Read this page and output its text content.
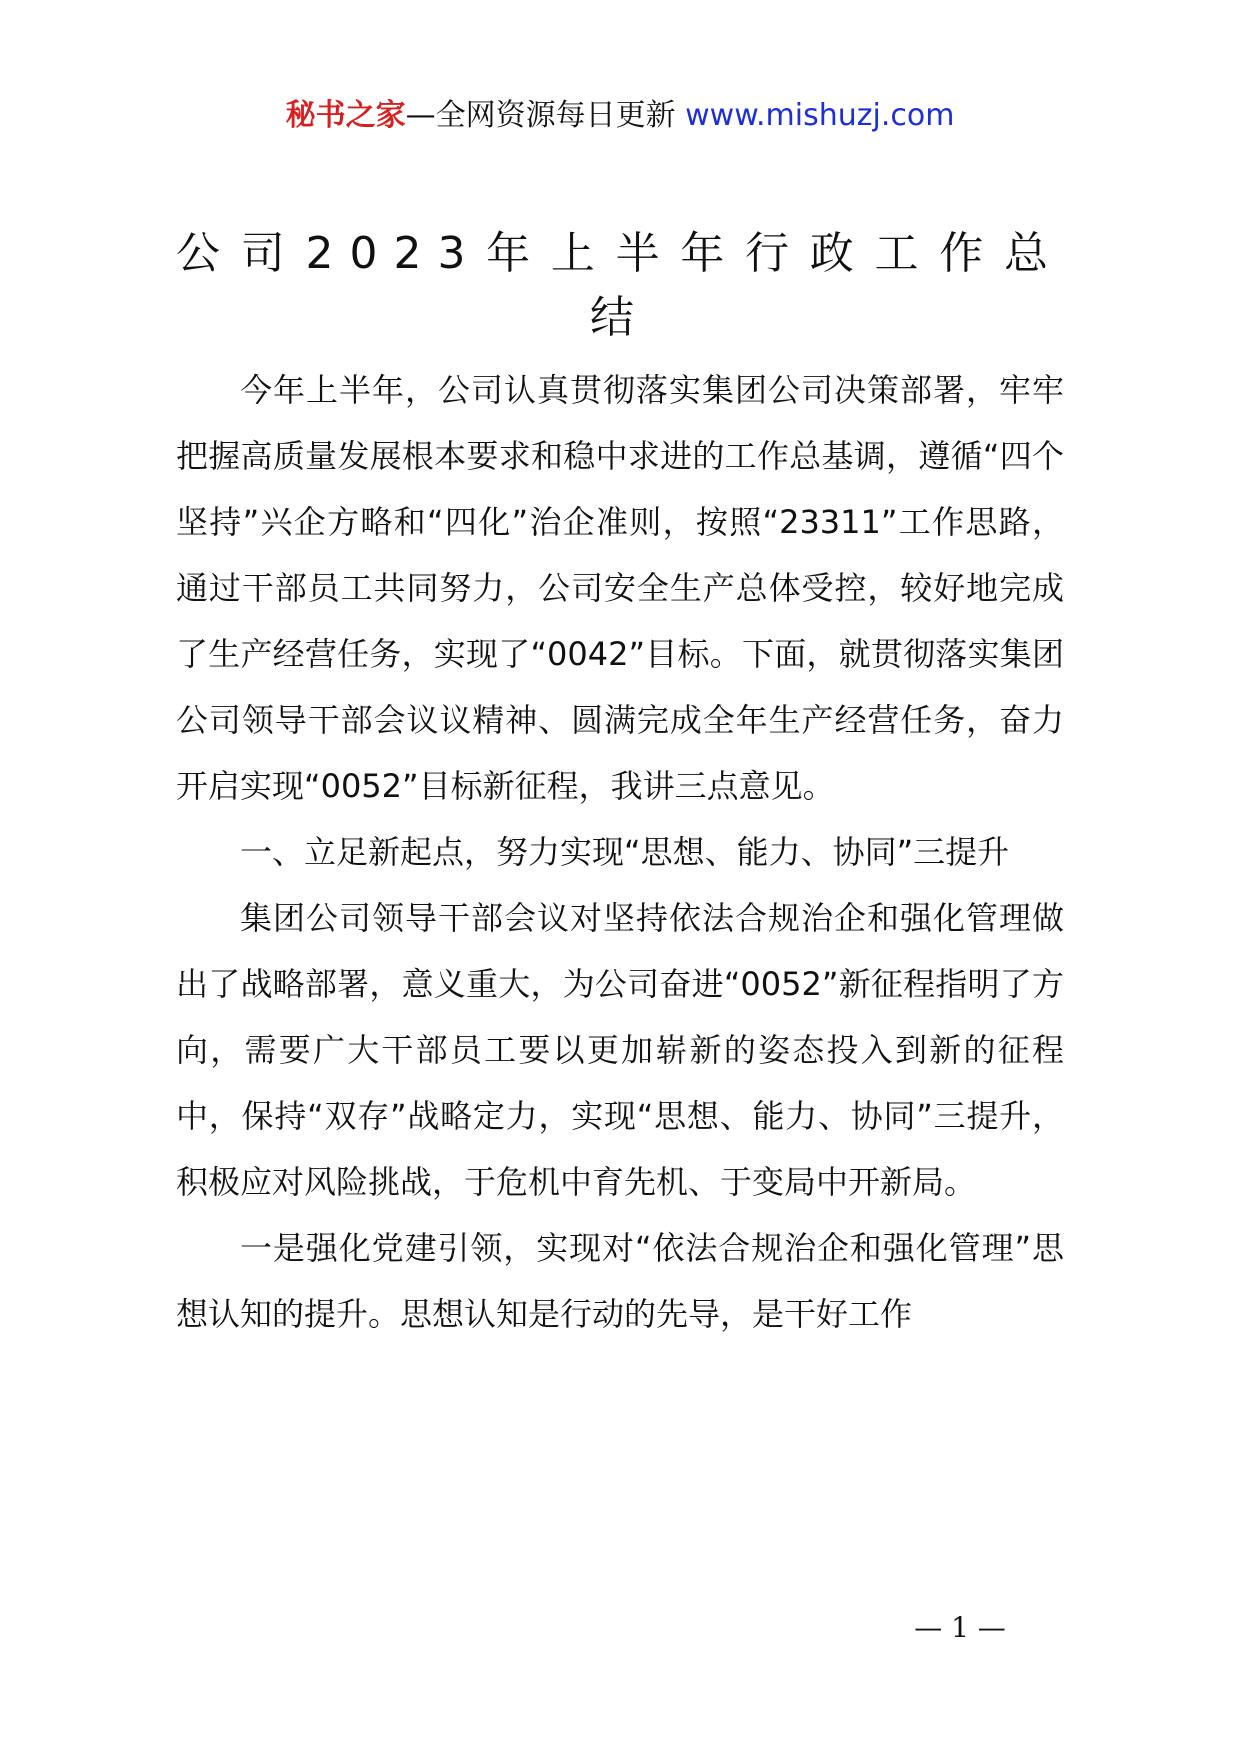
秘书之家—全网资源每日更新 www.mishuzj.com
公司2023年上半年行政工作总结

今年上半年，公司认真贯彻落实集团公司决策部署，牢牢把握高质量发展根本要求和稳中求进的工作总基调，遵循“四个坚持”兴企方略和“四化”治企准则，按照“23311”工作思路，通过干部员工共同努力，公司安全生产总体受控，较好地完成了生产经营任务，实现了“0042”目标。下面，就贯彻落实集团公司领导干部会议议精神、圆满完成全年生产经营任务，奋力开启实现“0052”目标新征程，我讲三点意见。

一、立足新起点，努力实现“思想、能力、协同”三提升

集团公司领导干部会议对坚持依法合规治企和强化管理做出了战略部署，意义重大，为公司奋进“0052”新征程指明了方向，需要广大干部员工要以更加崭新的姿态投入到新的征程中，保持“双存”战略定力，实现“思想、能力、协同”三提升，积极应对风险挑战，于危机中育先机、于变局中开新局。

一是强化党建引领，实现对“依法合规治企和强化管理”思想认知的提升。思想认知是行动的先导，是干好工作

— 1 —
